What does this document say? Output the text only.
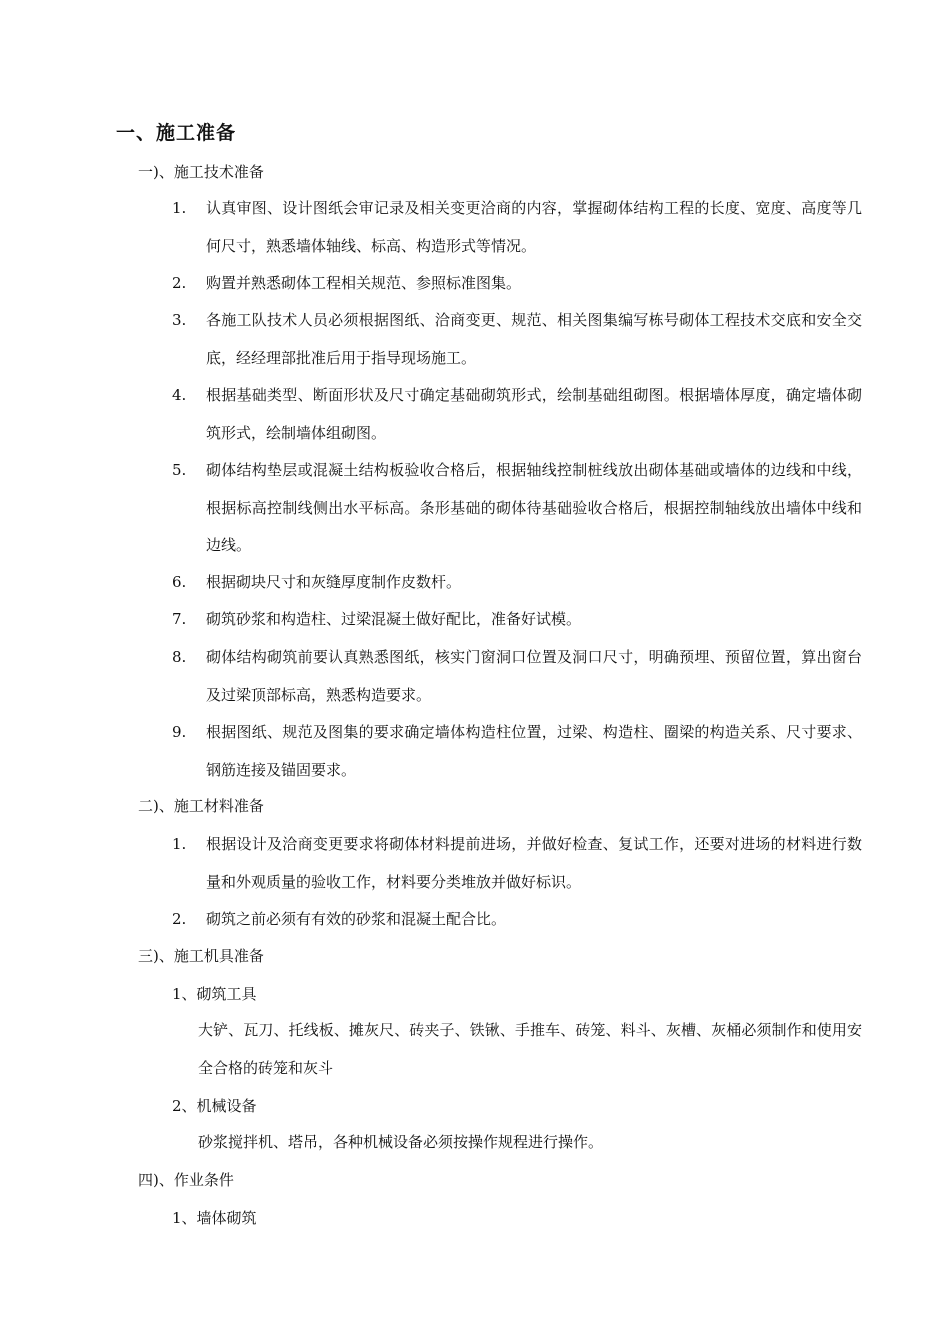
一、施工准备
一)、施工技术准备
1.	认真审图、设计图纸会审记录及相关变更洽商的内容，掌握砌体结构工程的长度、宽度、高度等几何尺寸，熟悉墙体轴线、标高、构造形式等情况。
2.	购置并熟悉砌体工程相关规范、参照标准图集。
3.	各施工队技术人员必须根据图纸、洽商变更、规范、相关图集编写栋号砌体工程技术交底和安全交底，经经理部批准后用于指导现场施工。
4.	根据基础类型、断面形状及尺寸确定基础砌筑形式，绘制基础组砌图。根据墙体厚度，确定墙体砌筑形式，绘制墙体组砌图。
5.	砌体结构垫层或混凝土结构板验收合格后，根据轴线控制桩线放出砌体基础或墙体的边线和中线，根据标高控制线侧出水平标高。条形基础的砌体待基础验收合格后，根据控制轴线放出墙体中线和边线。
6.	根据砌块尺寸和灰缝厚度制作皮数杆。
7.	砌筑砂浆和构造柱、过梁混凝土做好配比，准备好试模。
8.	砌体结构砌筑前要认真熟悉图纸，核实门窗洞口位置及洞口尺寸，明确预埋、预留位置，算出窗台及过梁顶部标高，熟悉构造要求。
9.	根据图纸、规范及图集的要求确定墙体构造柱位置，过梁、构造柱、圈梁的构造关系、尺寸要求、钢筋连接及锚固要求。
二)、施工材料准备
1.	根据设计及洽商变更要求将砌体材料提前进场，并做好检查、复试工作，还要对进场的材料进行数量和外观质量的验收工作，材料要分类堆放并做好标识。
2.	砌筑之前必须有有效的砂浆和混凝土配合比。
三)、施工机具准备
1、砌筑工具
大铲、瓦刀、托线板、摊灰尺、砖夹子、铁锹、手推车、砖笼、料斗、灰槽、灰桶必须制作和使用安全合格的砖笼和灰斗
2、机械设备
砂浆搅拌机、塔吊，各种机械设备必须按操作规程进行操作。
四)、作业条件
1、墙体砌筑
